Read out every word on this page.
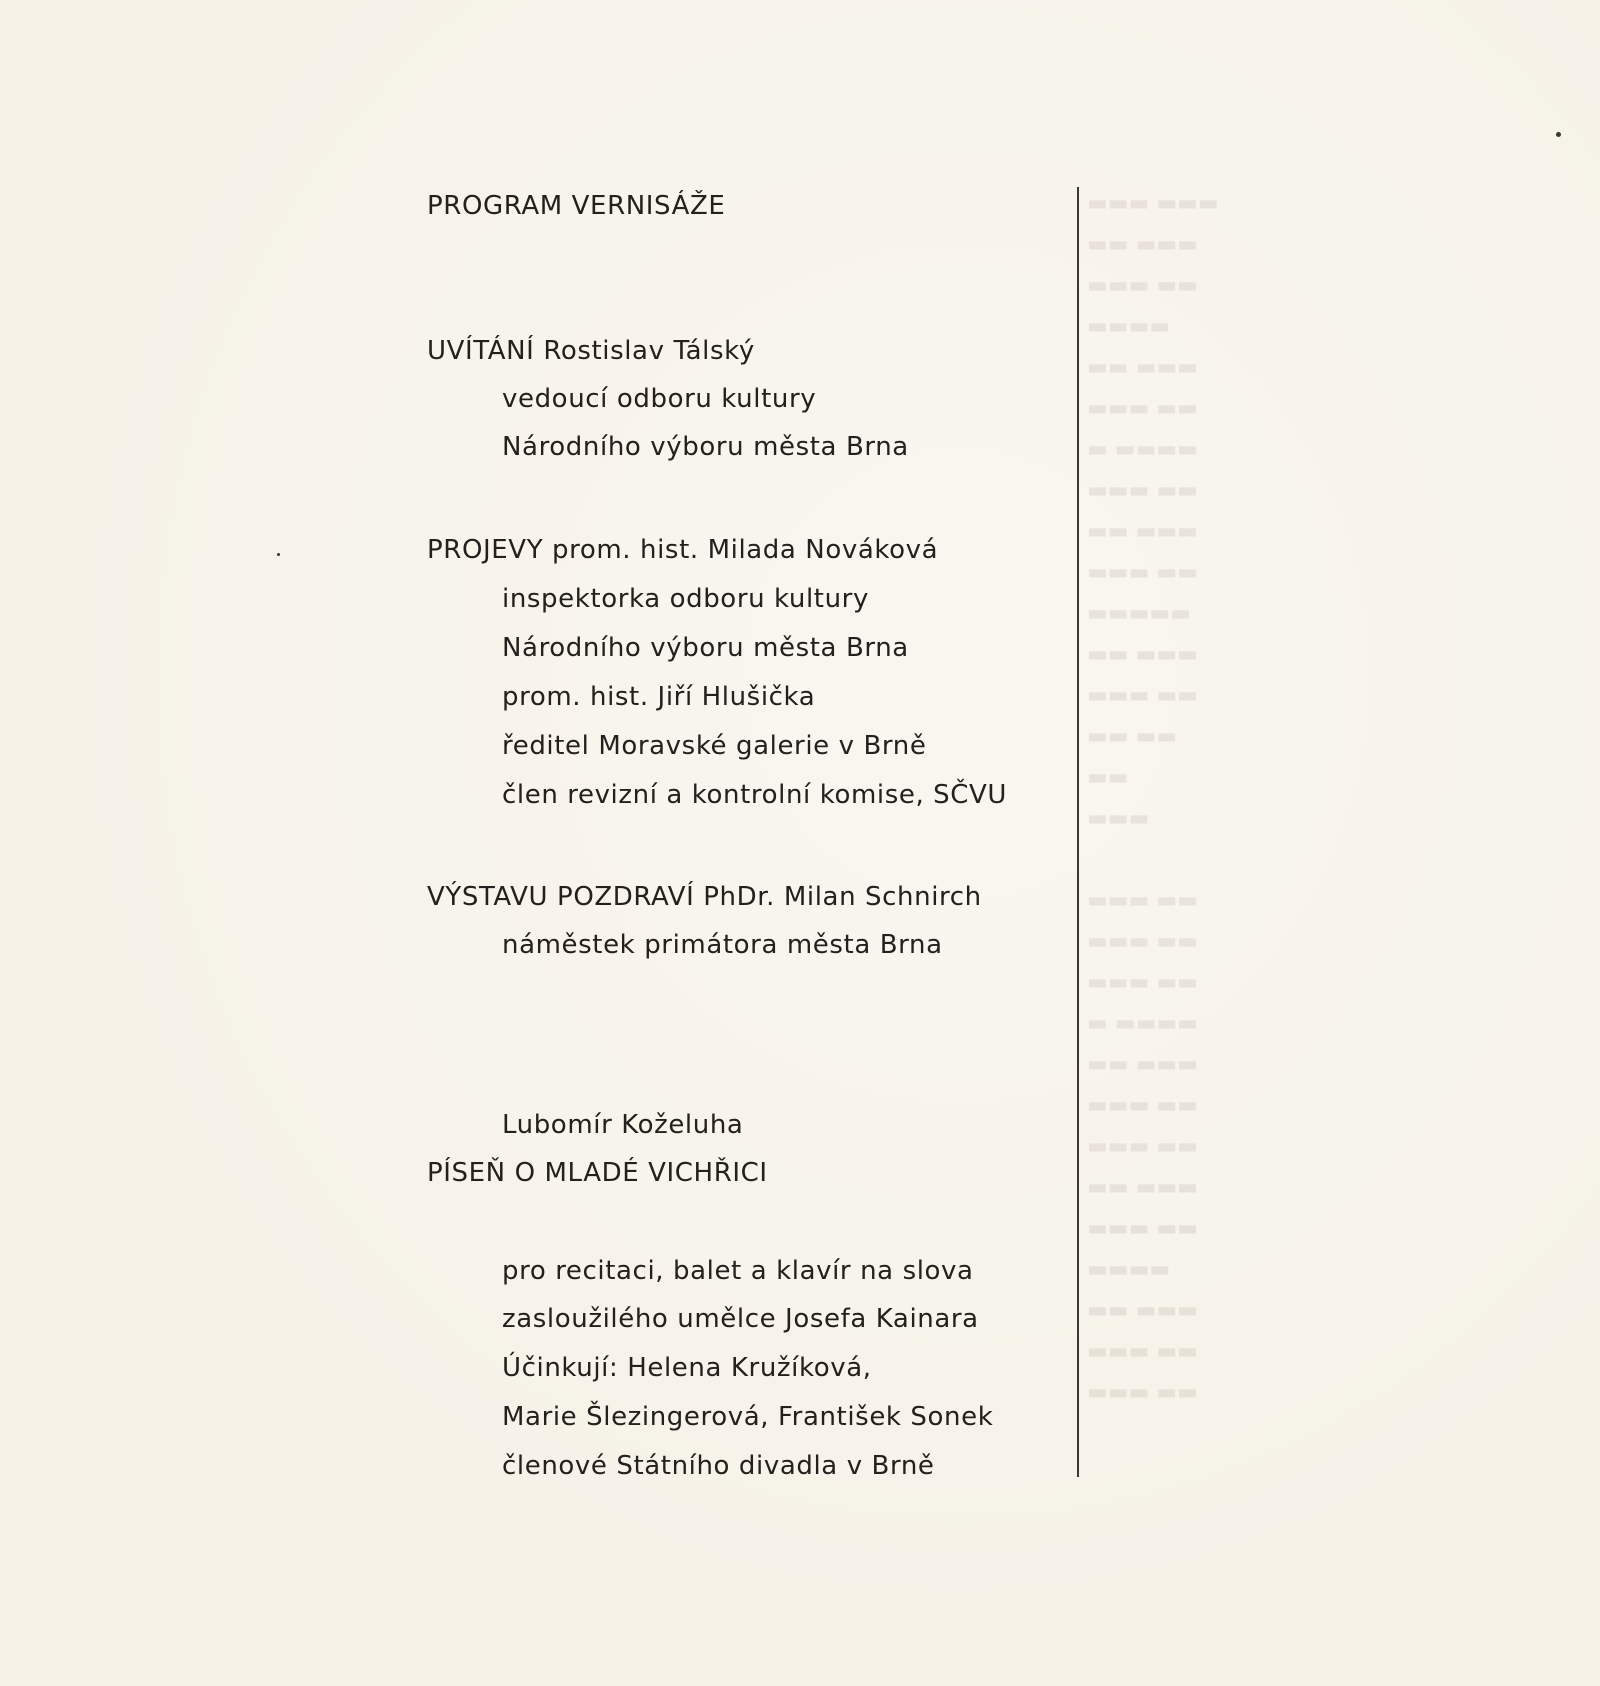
▬▬▬ ▬▬▬
▬▬ ▬▬▬
▬▬▬ ▬▬
▬▬▬▬
▬▬ ▬▬▬
▬▬▬ ▬▬
▬ ▬▬▬▬
▬▬▬ ▬▬
▬▬ ▬▬▬
▬▬▬ ▬▬
▬▬▬▬▬
▬▬ ▬▬▬
▬▬▬ ▬▬
▬▬ ▬▬
▬▬
▬▬▬

▬▬▬ ▬▬
▬▬▬ ▬▬
▬▬▬ ▬▬
▬ ▬▬▬▬
▬▬ ▬▬▬
▬▬▬ ▬▬
▬▬▬ ▬▬
▬▬ ▬▬▬
▬▬▬ ▬▬
▬▬▬▬
▬▬ ▬▬▬
▬▬▬ ▬▬
▬▬▬ ▬▬
PROGRAM VERNISÁŽE
UVÍTÁNÍ Rostislav Tálský
vedoucí odboru kultury
Národního výboru města Brna
PROJEVY prom. hist. Milada Nováková
inspektorka odboru kultury
Národního výboru města Brna
prom. hist. Jiří Hlušička
ředitel Moravské galerie v Brně
člen revizní a kontrolní komise, SČVU
VÝSTAVU POZDRAVÍ PhDr. Milan Schnirch
náměstek primátora města Brna
Lubomír Koželuha
PÍSEŇ O MLADÉ VICHŘICI
pro recitaci, balet a klavír na slova
zasloužilého umělce Josefa Kainara
Účinkují: Helena Kružíková,
Marie Šlezingerová, František Sonek
členové Státního divadla v Brně
